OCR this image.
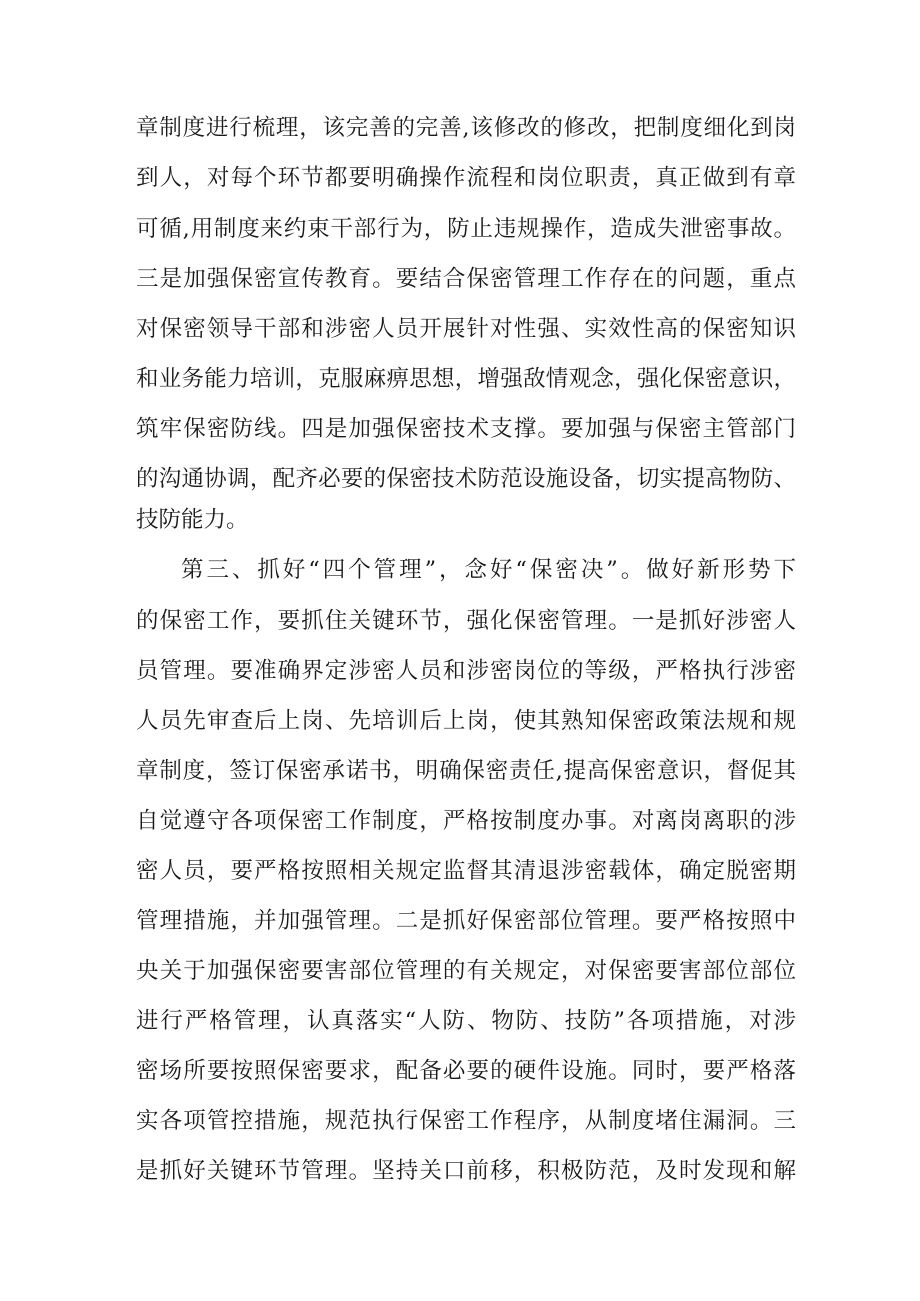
章制度进行梳理，该完善的完善,该修改的修改，把制度细化到岗
到人，对每个环节都要明确操作流程和岗位职责，真正做到有章
可循,用制度来约束干部行为，防止违规操作，造成失泄密事故。
三是加强保密宣传教育。要结合保密管理工作存在的问题，重点
对保密领导干部和涉密人员开展针对性强、实效性高的保密知识
和业务能力培训，克服麻痹思想，增强敌情观念，强化保密意识，
筑牢保密防线。四是加强保密技术支撑。要加强与保密主管部门
的沟通协调，配齐必要的保密技术防范设施设备，切实提高物防、
技防能力。
第三、抓好“四个管理”，念好“保密决”。做好新形势下
的保密工作，要抓住关键环节，强化保密管理。一是抓好涉密人
员管理。要准确界定涉密人员和涉密岗位的等级，严格执行涉密
人员先审查后上岗、先培训后上岗，使其熟知保密政策法规和规
章制度，签订保密承诺书，明确保密责任,提高保密意识，督促其
自觉遵守各项保密工作制度，严格按制度办事。对离岗离职的涉
密人员，要严格按照相关规定监督其清退涉密载体，确定脱密期
管理措施，并加强管理。二是抓好保密部位管理。要严格按照中
央关于加强保密要害部位管理的有关规定，对保密要害部位部位
进行严格管理，认真落实“人防、物防、技防”各项措施，对涉
密场所要按照保密要求，配备必要的硬件设施。同时，要严格落
实各项管控措施，规范执行保密工作程序，从制度堵住漏洞。三
是抓好关键环节管理。坚持关口前移，积极防范，及时发现和解
